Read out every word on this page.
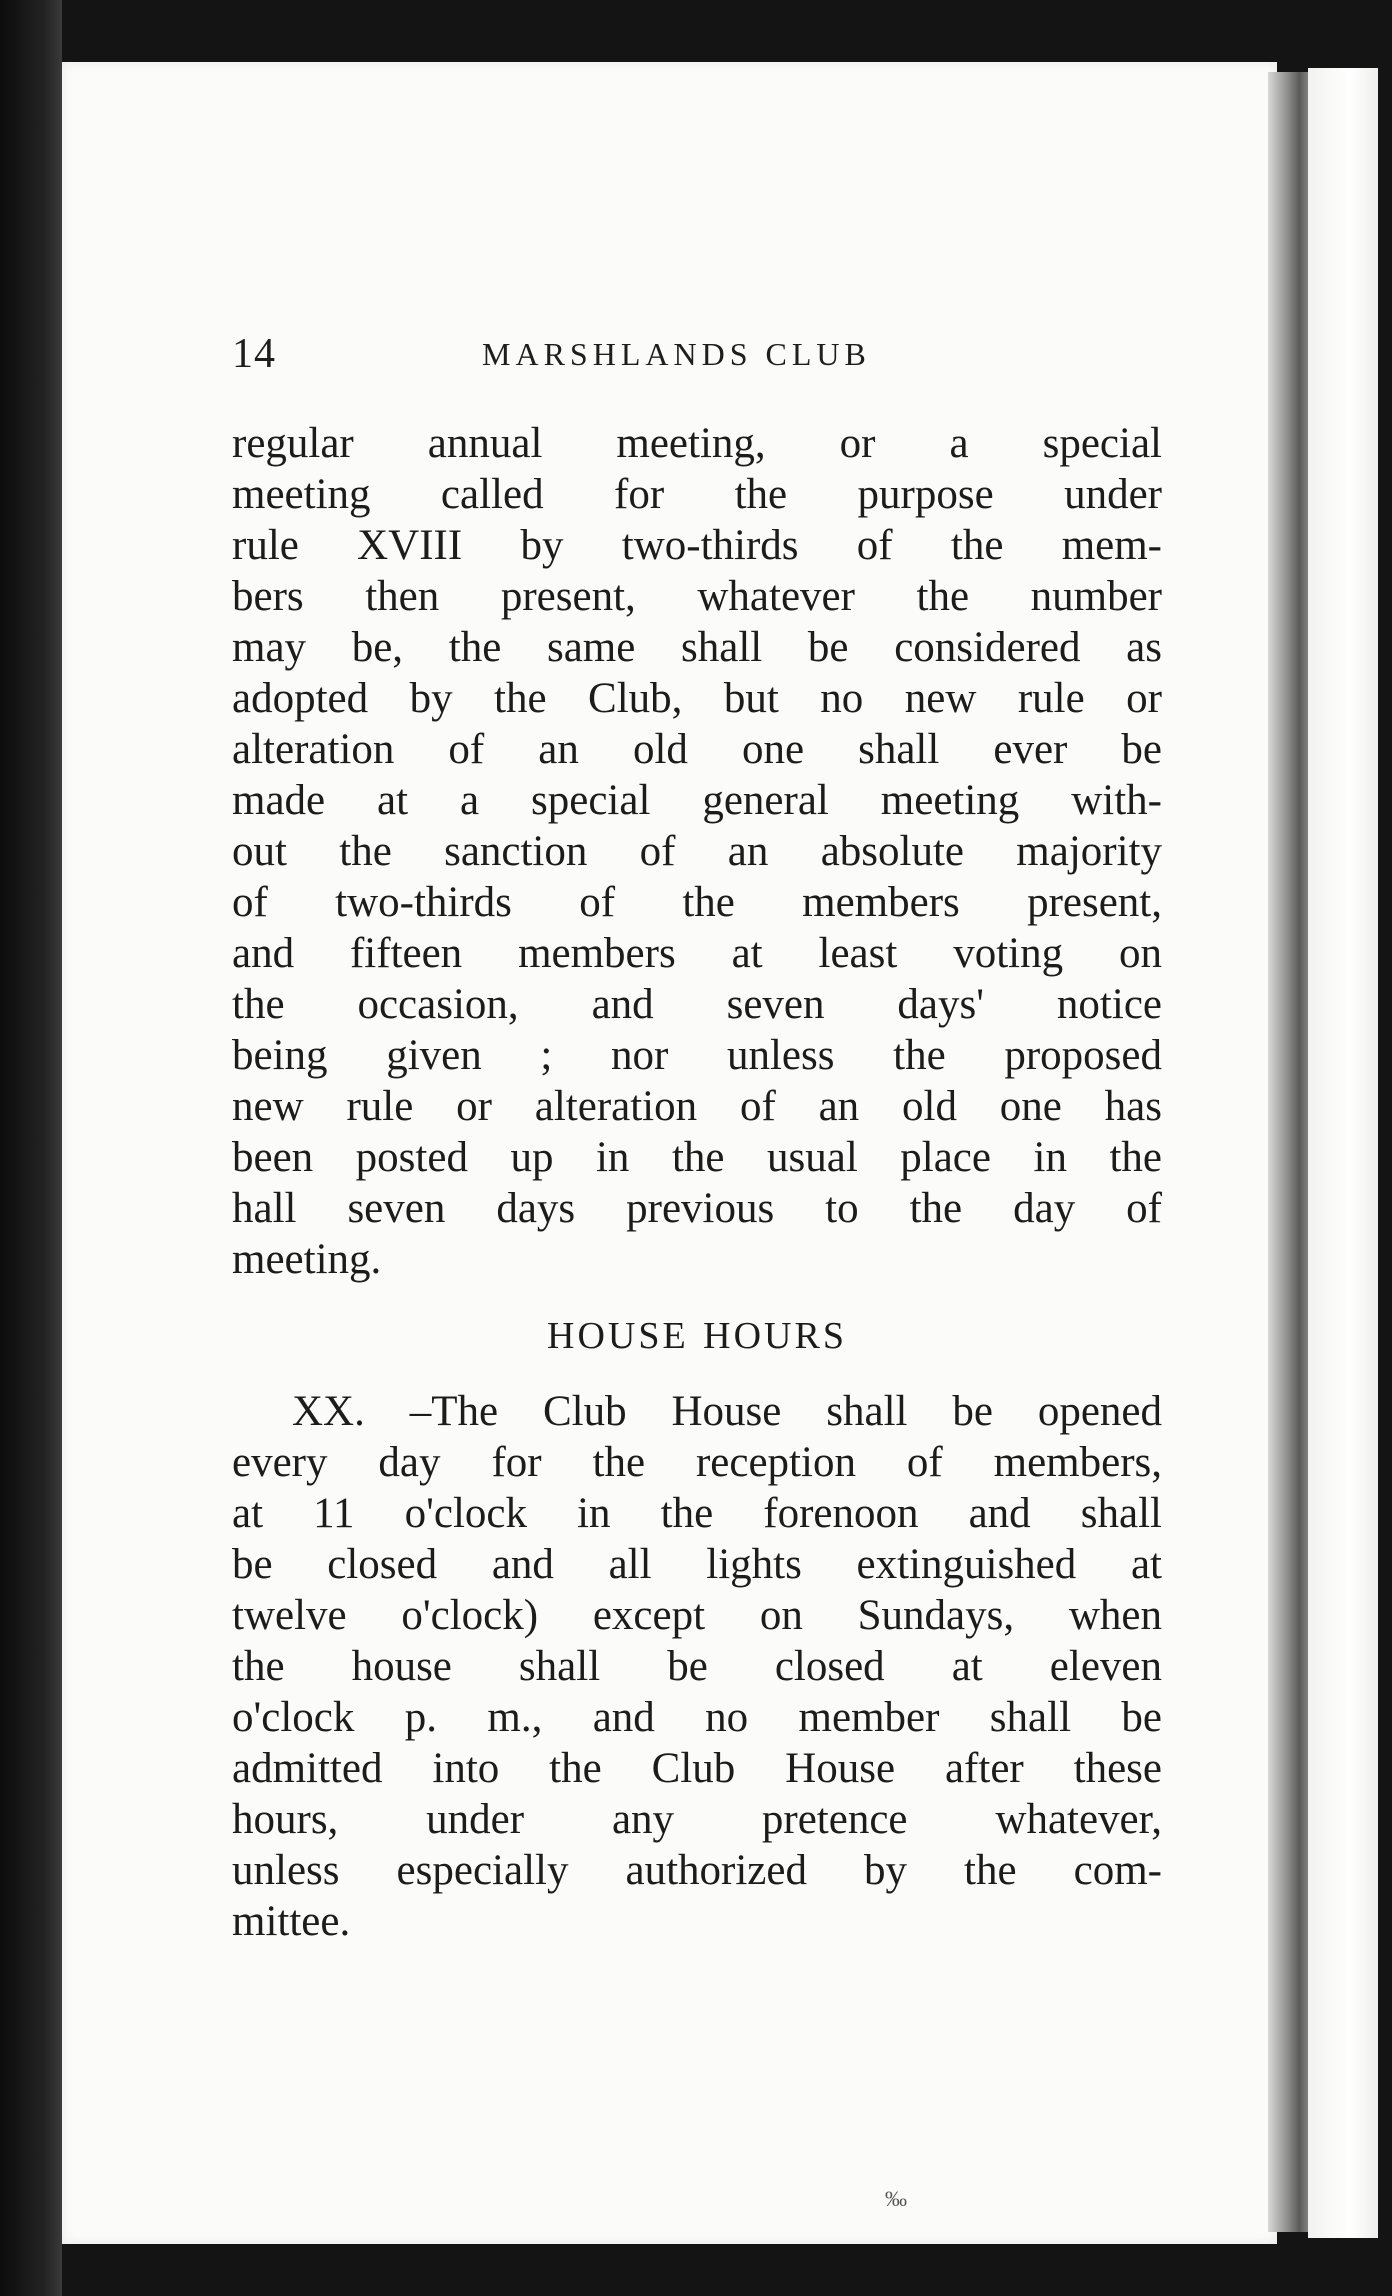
14	MARSHLANDS CLUB

regular annual meeting, or a special
meeting called for the purpose under
rule XVIII by two-thirds of the mem-
bers then present, whatever the number
may be, the same shall be considered as
adopted by the Club, but no new rule or
alteration of an old one shall ever be
made at a special general meeting with-
out the sanction of an absolute majority
of two-thirds of the members present,
and fifteen members at least voting on
the occasion, and seven days' notice
being given ; nor unless the proposed
new rule or alteration of an old one has
been posted up in the usual place in the
hall seven days previous to the day of
meeting.

HOUSE HOURS

XX. –The Club House shall be opened
every day for the reception of members,
at 11 o'clock in the forenoon and shall
be closed and all lights extinguished at
twelve o'clock) except on Sundays, when
the house shall be closed at eleven
o'clock p. m., and no member shall be
admitted into the Club House after these
hours, under any pretence whatever,
unless especially authorized by the com-
mittee.

‰
